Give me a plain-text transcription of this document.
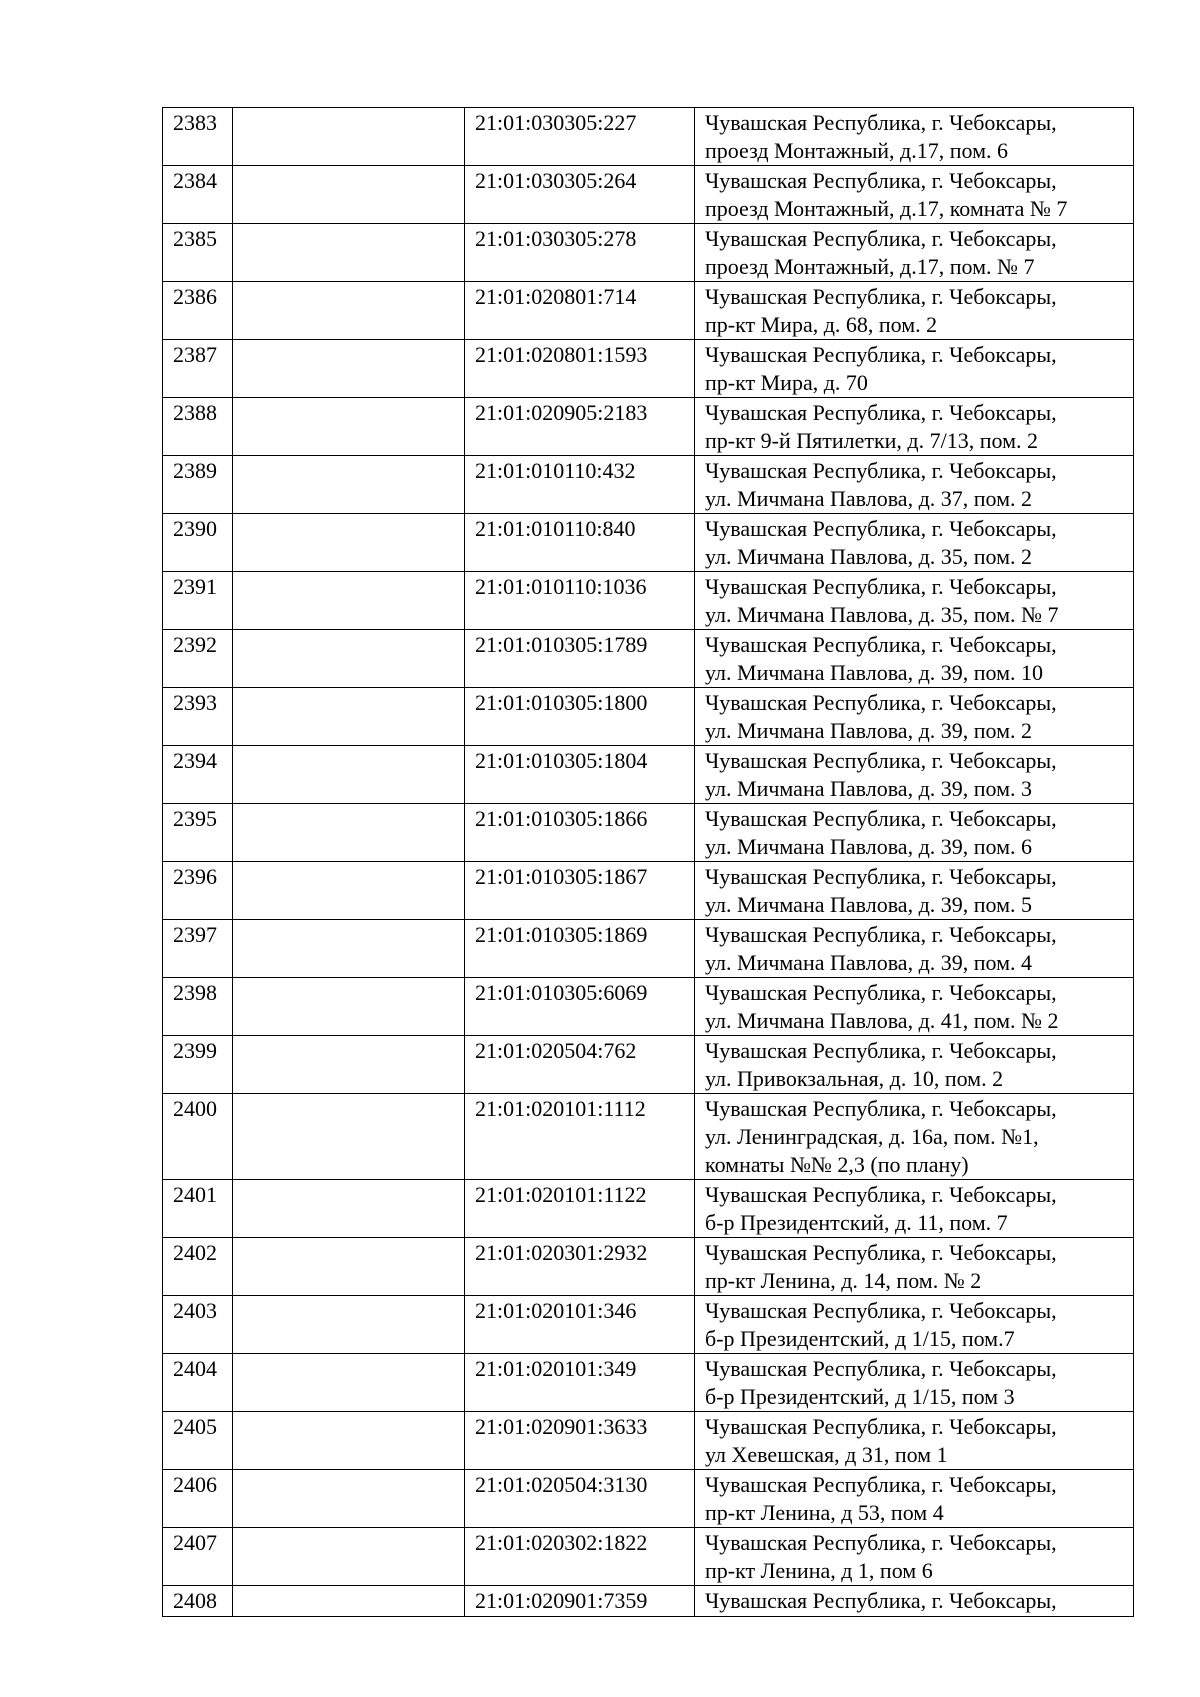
2383		21:01:030305:227	Чувашская Республика, г. Чебоксары,
проезд Монтажный, д.17, пом. 6

2384		21:01:030305:264	Чувашская Республика, г. Чебоксары,
проезд Монтажный, д.17, комната № 7

2385		21:01:030305:278	Чувашская Республика, г. Чебоксары,
проезд Монтажный, д.17, пом. № 7

2386		21:01:020801:714	Чувашская Республика, г. Чебоксары,
пр-кт Мира, д. 68, пом. 2

2387		21:01:020801:1593	Чувашская Республика, г. Чебоксары,
пр-кт Мира, д. 70

2388		21:01:020905:2183	Чувашская Республика, г. Чебоксары,
пр-кт 9-й Пятилетки, д. 7/13, пом. 2

2389		21:01:010110:432	Чувашская Республика, г. Чебоксары,
ул. Мичмана Павлова, д. 37, пом. 2

2390		21:01:010110:840	Чувашская Республика, г. Чебоксары,
ул. Мичмана Павлова, д. 35, пом. 2

2391		21:01:010110:1036	Чувашская Республика, г. Чебоксары,
ул. Мичмана Павлова, д. 35, пом. № 7

2392		21:01:010305:1789	Чувашская Республика, г. Чебоксары,
ул. Мичмана Павлова, д. 39, пом. 10

2393		21:01:010305:1800	Чувашская Республика, г. Чебоксары,
ул. Мичмана Павлова, д. 39, пом. 2

2394		21:01:010305:1804	Чувашская Республика, г. Чебоксары,
ул. Мичмана Павлова, д. 39, пом. 3

2395		21:01:010305:1866	Чувашская Республика, г. Чебоксары,
ул. Мичмана Павлова, д. 39, пом. 6

2396		21:01:010305:1867	Чувашская Республика, г. Чебоксары,
ул. Мичмана Павлова, д. 39, пом. 5

2397		21:01:010305:1869	Чувашская Республика, г. Чебоксары,
ул. Мичмана Павлова, д. 39, пом. 4

2398		21:01:010305:6069	Чувашская Республика, г. Чебоксары,
ул. Мичмана Павлова, д. 41, пом. № 2

2399		21:01:020504:762	Чувашская Республика, г. Чебоксары,
ул. Привокзальная, д. 10, пом. 2

2400		21:01:020101:1112	Чувашская Республика, г. Чебоксары,
ул. Ленинградская, д. 16а, пом. №1,
комнаты №№ 2,3 (по плану)

2401		21:01:020101:1122	Чувашская Республика, г. Чебоксары,
б-р Президентский, д. 11, пом. 7

2402		21:01:020301:2932	Чувашская Республика, г. Чебоксары,
пр-кт Ленина, д. 14, пом. № 2

2403		21:01:020101:346	Чувашская Республика, г. Чебоксары,
б-р Президентский, д 1/15, пом.7

2404		21:01:020101:349	Чувашская Республика, г. Чебоксары,
б-р Президентский, д 1/15, пом 3

2405		21:01:020901:3633	Чувашская Республика, г. Чебоксары,
ул Хевешская, д 31, пом 1

2406		21:01:020504:3130	Чувашская Республика, г. Чебоксары,
пр-кт Ленина, д 53, пом 4

2407		21:01:020302:1822	Чувашская Республика, г. Чебоксары,
пр-кт Ленина, д 1, пом 6

2408		21:01:020901:7359	Чувашская Республика, г. Чебоксары,
